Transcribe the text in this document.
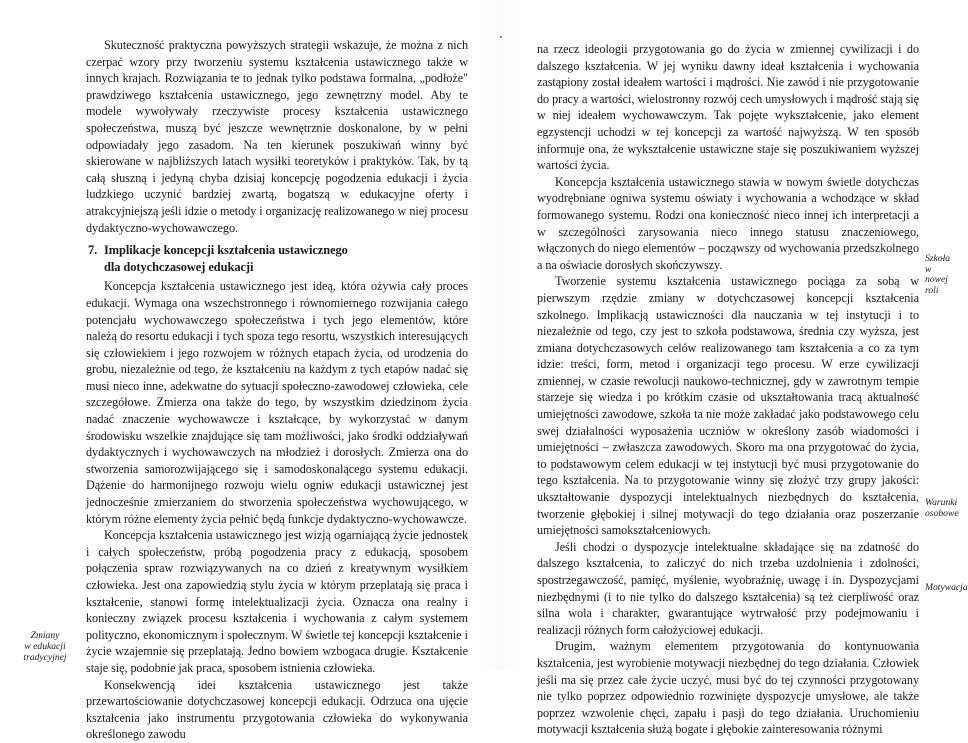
Skuteczność praktyczna powyższych strategii wskazuje, że można z nich czerpać wzory przy tworzeniu systemu kształcenia ustawicznego także w innych krajach. Rozwiązania te to jednak tylko podstawa formalna, „podłoże" prawdziwego kształcenia ustawicznego, jego zewnętrzny model. Aby te modele wywoływały rzeczywiste procesy kształcenia ustawicznego społeczeństwa, muszą być jeszcze wewnętrznie doskonalone, by w pełni odpowiadały jego zasadom. Na ten kierunek poszukiwań winny być skierowane w najbliższych latach wysiłki teoretyków i praktyków. Tak, by tą całą słuszną i jedyną chyba dzisiaj koncepcję pogodzenia edukacji i życia ludzkiego uczynić bardziej zwartą, bogatszą w edukacyjne oferty i atrakcyjniejszą jeśli idzie o metody i organizację realizowanego w niej procesu dydaktyczno-wychowawczego.

7. Implikacje koncepcji kształcenia ustawicznego
dla dotychczasowej edukacji

Koncepcja kształcenia ustawicznego jest ideą, która ożywia cały proces edukacji. Wymaga ona wszechstronnego i równomiernego rozwijania całego potencjału wychowawczego społeczeństwa i tych jego elementów, które należą do resortu edukacji i tych spoza tego resortu, wszystkich interesujących się człowiekiem i jego rozwojem w różnych etapach życia, od urodzenia do grobu, niezależnie od tego, że kształceniu na każdym z tych etapów nadać się musi nieco inne, adekwatne do sytuacji społeczno-zawodowej człowieka, cele szczegółowe. Zmierza ona także do tego, by wszystkim dziedzinom życia nadać znaczenie wychowawcze i kształcące, by wykorzystać w danym środowisku wszelkie znajdujące się tam możliwości, jako środki oddziaływań dydaktycznych i wychowawczych na młodzież i dorosłych. Zmierza ona do stworzenia samorozwijającego się i samodoskonalącego systemu edukacji. Dążenie do harmonijnego rozwoju wielu ogniw edukacji ustawicznej jest jednocześnie zmierzaniem do stworzenia społeczeństwa wychowującego, w którym różne elementy życia pełnić będą funkcje dydaktyczno-wychowawcze.

Koncepcja kształcenia ustawicznego jest wizją ogarniającą życie jednostek i całych społeczeństw, próbą pogodzenia pracy z edukacją, sposobem połączenia spraw rozwiązywanych na co dzień z kreatywnym wysiłkiem człowieka. Jest ona zapowiedzią stylu życia w którym przeplatają się praca i kształcenie, stanowi formę intelektualizacji życia. Oznacza ona realny i konieczny związek procesu kształcenia i wychowania z całym systemem polityczno, ekonomicznym i społecznym. W świetle tej koncepcji kształcenie i życie wzajemnie się przeplatają. Jedno bowiem wzbogaca drugie. Kształcenie staje się, podobnie jak praca, sposobem istnienia człowieka.

Konsekwencją idei kształcenia ustawicznego jest także przewartościowanie dotychczasowej koncepcji edukacji. Odrzuca ona ujęcie kształcenia jako instrumentu przygotowania człowieka do wykonywania określonego zawodu

Zmiany
w edukacji
tradycyjnej

na rzecz ideologii przygotowania go do życia w zmiennej cywilizacji i do dalszego kształcenia. W jej wyniku dawny ideał kształcenia i wychowania zastąpiony został ideałem wartości i mądrości. Nie zawód i nie przygotowanie do pracy a wartości, wielostronny rozwój cech umysłowych i mądrość stają się w niej ideałem wychowawczym. Tak pojęte wykształcenie, jako element egzystencji uchodzi w tej koncepcji za wartość najwyższą. W ten sposób informuje ona, że wykształcenie ustawiczne staje się poszukiwaniem wyższej wartości życia.

Koncepcja kształcenia ustawicznego stawia w nowym świetle dotychczas wyodrębniane ogniwa systemu oświaty i wychowania a wchodzące w skład formowanego systemu. Rodzi ona konieczność nieco innej ich interpretacji a w szczególności zarysowania nieco innego statusu znaczeniowego, włączonych do niego elementów – począwszy od wychowania przedszkolnego a na oświacie dorosłych skończywszy.

Tworzenie systemu kształcenia ustawicznego pociąga za sobą w pierwszym rzędzie zmiany w dotychczasowej koncepcji kształcenia szkolnego. Implikacją ustawiczności dla nauczania w tej instytucji i to niezależnie od tego, czy jest to szkoła podstawowa, średnia czy wyższa, jest zmiana dotychczasowych celów realizowanego tam kształcenia a co za tym idzie: treści, form, metod i organizacji tego procesu. W erze cywilizacji zmiennej, w czasie rewolucji naukowo-technicznej, gdy w zawrotnym tempie starzeje się wiedza i po krótkim czasie od ukształtowania tracą aktualność umiejętności zawodowe, szkoła ta nie może zakładać jako podstawowego celu swej działalności wyposażenia uczniów w określony zasób wiadomości i umiejętności – zwłaszcza zawodowych. Skoro ma ona przygotować do życia, to podstawowym celem edukacji w tej instytucji być musi przygotowanie do tego kształcenia. Na to przygotowanie winny się złożyć trzy grupy jakości: ukształtowanie dyspozycji intelektualnych niezbędnych do kształcenia, tworzenie głębokiej i silnej motywacji do tego działania oraz poszerzanie umiejętności samokształceniowych.

Jeśli chodzi o dyspozycje intelektualne składające się na zdatność do dalszego kształcenia, to zaliczyć do nich trzeba uzdolnienia i zdolności, spostrzegawczość, pamięć, myślenie, wyobraźnię, uwagę i in. Dyspozycjami niezbędnymi (i to nie tylko do dalszego kształcenia) są też cierpliwość oraz silna wola i charakter, gwarantujące wytrwałość przy podejmowaniu i realizacji różnych form całożyciowej edukacji.

Drugim, ważnym elementem przygotowania do kontynuowania kształcenia, jest wyrobienie motywacji niezbędnej do tego działania. Człowiek jeśli ma się przez całe życie uczyć, musi być do tej czynności przygotowany nie tylko poprzez odpowiednio rozwinięte dyspozycje umysłowe, ale także poprzez wzwolenie chęci, zapału i pasji do tego działania. Uruchomieniu motywacji kształcenia służą bogate i głębokie zainteresowania różnymi

Szkoła w nowej roli
Warunki osobowe
Motywacja
